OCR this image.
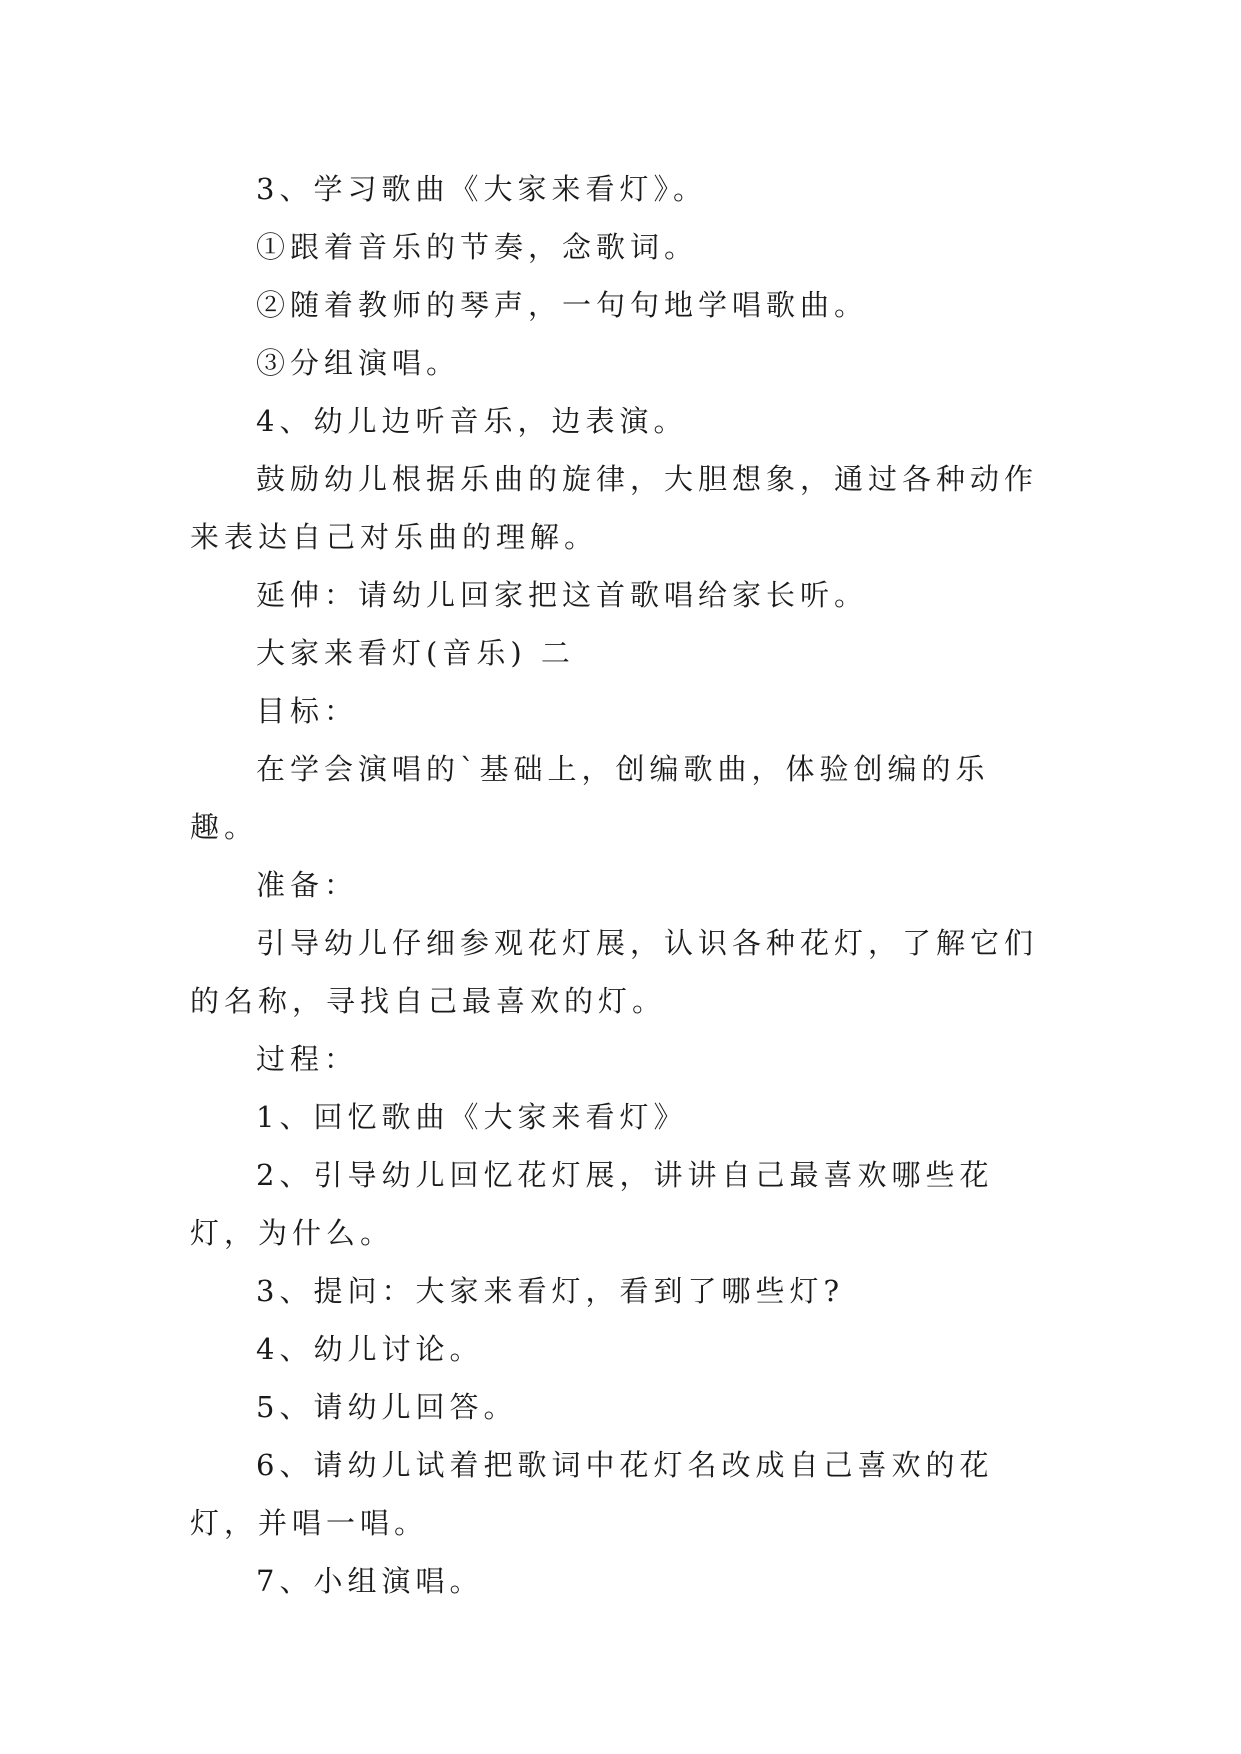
3、学习歌曲《大家来看灯》。

①跟着音乐的节奏，念歌词。

②随着教师的琴声，一句句地学唱歌曲。

③分组演唱。

4、幼儿边听音乐，边表演。

鼓励幼儿根据乐曲的旋律，大胆想象，通过各种动作来表达自己对乐曲的理解。

延伸：请幼儿回家把这首歌唱给家长听。

大家来看灯(音乐) 二

目标：

在学会演唱的`基础上，创编歌曲，体验创编的乐趣。

准备：

引导幼儿仔细参观花灯展，认识各种花灯，了解它们的名称，寻找自己最喜欢的灯。

过程：

1、回忆歌曲《大家来看灯》

2、引导幼儿回忆花灯展，讲讲自己最喜欢哪些花灯，为什么。

3、提问：大家来看灯，看到了哪些灯?

4、幼儿讨论。

5、请幼儿回答。

6、请幼儿试着把歌词中花灯名改成自己喜欢的花灯，并唱一唱。

7、小组演唱。
